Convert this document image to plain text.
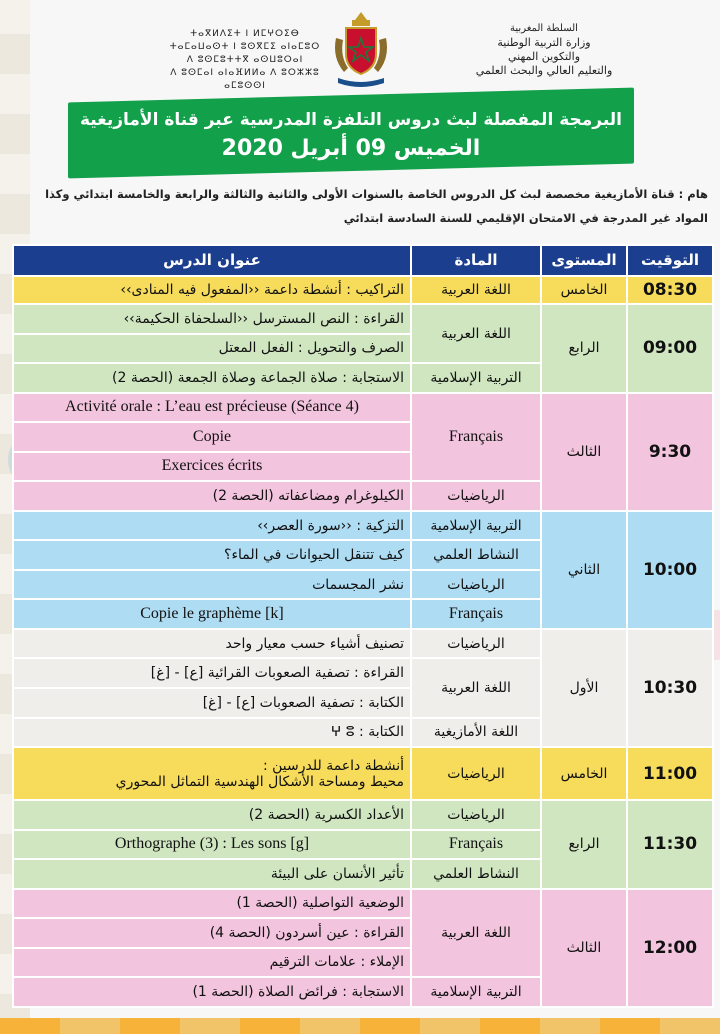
ⵜⴰⴳⵍⴷⵉⵜ ⵏ ⵍⵎⵖⵔⵉⴱ
ⵜⴰⵎⴰⵡⴰⵙⵜ ⵏ ⵓⵙⴳⵎⵉ ⴰⵏⴰⵎⵓⵔ
ⴷ ⵓⵙⵎⵓⵜⵜⴳ ⴰⵙⵡⵓⵔⴰⵏ
ⴷ ⵓⵙⵎⴰⵏ ⴰⵏⴰⴼⵍⵍⴰ ⴷ ⵓⵔⵣⵣⵓ ⴰⵎⵓⵙⵙⵏ
السلطة المغربية
وزارة التربية الوطنية
والتكوين المهني
والتعليم العالي والبحث العلمي
البرمجة المفصلة لبث دروس التلفزة المدرسية عبر قناة الأمازيغية
الخميس 09 أبريل 2020
هام : قناة الأمازيغية مخصصة لبث كل الدروس الخاصة بالسنوات الأولى والثانية والثالثة والرابعة والخامسة ابتدائي وكذا المواد غير المدرجة في الامتحان الإقليمي للسنة السادسة ابتدائي
التوقيت	المستوى	المادة	عنوان الدرس
08:30	الخامس	اللغة العربية	التراكيب : أنشطة داعمة ‹‹المفعول فيه المنادى››
09:00	الرابع	اللغة العربية	القراءة : النص المسترسل ‹‹السلحفاة الحكيمة››
			الصرف والتحويل : الفعل المعتل
		التربية الإسلامية	الاستجابة : صلاة الجماعة وصلاة الجمعة (الحصة 2)
9:30	الثالث	Français	Activité orale : L’eau est précieuse (Séance 4)
			Copie
			Exercices écrits
		الرياضيات	الكيلوغرام ومضاعفاته (الحصة 2)
10:00	الثاني	التربية الإسلامية	التزكية : ‹‹سورة العصر››
		النشاط العلمي	كيف تتنقل الحيوانات في الماء؟
		الرياضيات	نشر المجسمات
		Français	Copie le graphème [k]
10:30	الأول	الرياضيات	تصنيف أشياء حسب معيار واحد
		اللغة العربية	القراءة : تصفية الصعوبات القرائية [ع] - [غ]
			الكتابة : تصفية الصعوبات [ع] - [غ]
		اللغة الأمازيغية	الكتابة : ⵖ ⵓ
11:00	الخامس	الرياضيات	أنشطة داعمة للدرسين :
محيط ومساحة الأشكال الهندسية التماثل المحوري

11:30	الرابع	الرياضيات	الأعداد الكسرية (الحصة 2)
		Français	Orthographe (3) : Les sons [g]
		النشاط العلمي	تأثير الأنسان على البيئة
12:00	الثالث	اللغة العربية	الوضعية التواصلية (الحصة 1)
			القراءة : عين أسردون (الحصة 4)
			الإملاء : علامات الترقيم
		التربية الإسلامية	الاستجابة : فرائض الصلاة (الحصة 1)
